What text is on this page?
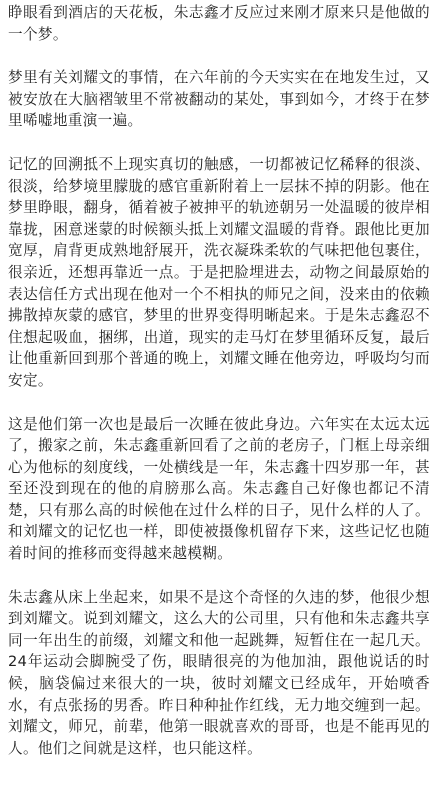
睁眼看到酒店的天花板，朱志鑫才反应过来刚才原来只是他做的一个梦。

梦里有关刘耀文的事情，在六年前的今天实实在在地发生过，又被安放在大脑褶皱里不常被翻动的某处，事到如今，才终于在梦里唏嘘地重演一遍。

记忆的回溯抵不上现实真切的触感，一切都被记忆稀释的很淡、很淡，给梦境里朦胧的感官重新附着上一层抹不掉的阴影。他在梦里睁眼，翻身，循着被子被抻平的轨迹朝另一处温暖的彼岸相靠拢，困意迷蒙的时候额头抵上刘耀文温暖的背脊。跟他比更加宽厚，肩背更成熟地舒展开，洗衣凝珠柔软的气味把他包裹住，很亲近，还想再靠近一点。于是把脸埋进去，动物之间最原始的表达信任方式出现在他对一个不相执的师兄之间，没来由的依赖拂散掉灰蒙的感官，梦里的世界变得明晰起来。于是朱志鑫忍不住想起吸血，捆绑，出道，现实的走马灯在梦里循环反复，最后让他重新回到那个普通的晚上，刘耀文睡在他旁边，呼吸均匀而安定。

这是他们第一次也是最后一次睡在彼此身边。六年实在太远太远了，搬家之前，朱志鑫重新回看了之前的老房子，门框上母亲细心为他标的刻度线，一处横线是一年，朱志鑫十四岁那一年，甚至还没到现在的他的肩膀那么高。朱志鑫自己好像也都记不清楚，只有那么高的时候他在过什么样的日子，见什么样的人了。和刘耀文的记忆也一样，即使被摄像机留存下来，这些记忆也随着时间的推移而变得越来越模糊。

朱志鑫从床上坐起来，如果不是这个奇怪的久违的梦，他很少想到刘耀文。说到刘耀文，这么大的公司里，只有他和朱志鑫共享同一年出生的前缀，刘耀文和他一起跳舞，短暂住在一起几天。24年运动会脚腕受了伤，眼睛很亮的为他加油，跟他说话的时候，脑袋偏过来很大的一块，彼时刘耀文已经成年，开始喷香水，有点张扬的男香。昨日种种扯作红线，无力地交缠到一起。刘耀文，师兄，前辈，他第一眼就喜欢的哥哥，也是不能再见的人。他们之间就是这样，也只能这样。
